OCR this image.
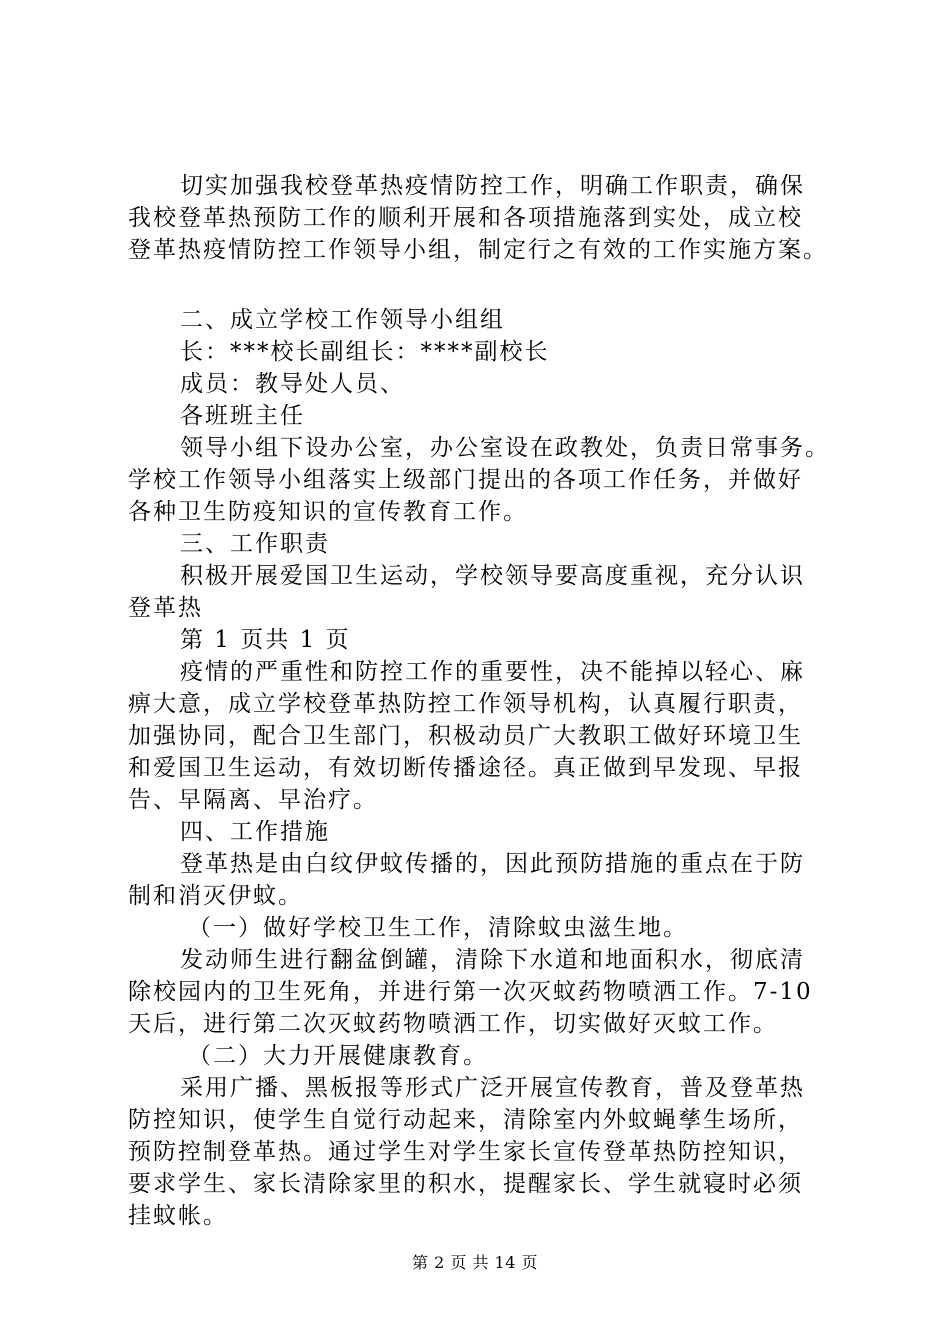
切实加强我校登革热疫情防控工作，明确工作职责，确保
我校登革热预防工作的顺利开展和各项措施落到实处，成立校
登革热疫情防控工作领导小组，制定行之有效的工作实施方案。
二、成立学校工作领导小组组
长：***校长副组长：****副校长
成员：教导处人员、
各班班主任
领导小组下设办公室，办公室设在政教处，负责日常事务。
学校工作领导小组落实上级部门提出的各项工作任务，并做好
各种卫生防疫知识的宣传教育工作。
三、工作职责
积极开展爱国卫生运动，学校领导要高度重视，充分认识
登革热
第 1 页共 1 页
疫情的严重性和防控工作的重要性，决不能掉以轻心、麻
痹大意，成立学校登革热防控工作领导机构，认真履行职责，
加强协同，配合卫生部门，积极动员广大教职工做好环境卫生
和爱国卫生运动，有效切断传播途径。真正做到早发现、早报
告、早隔离、早治疗。
四、工作措施
登革热是由白纹伊蚊传播的，因此预防措施的重点在于防
制和消灭伊蚊。
（一）做好学校卫生工作，清除蚊虫滋生地。
发动师生进行翻盆倒罐，清除下水道和地面积水，彻底清
除校园内的卫生死角，并进行第一次灭蚊药物喷洒工作。7-10
天后，进行第二次灭蚊药物喷洒工作，切实做好灭蚊工作。
（二）大力开展健康教育。
采用广播、黑板报等形式广泛开展宣传教育，普及登革热
防控知识，使学生自觉行动起来，清除室内外蚊蝇孳生场所，
预防控制登革热。通过学生对学生家长宣传登革热防控知识，
要求学生、家长清除家里的积水，提醒家长、学生就寝时必须
挂蚊帐。
第 2 页 共 14 页
